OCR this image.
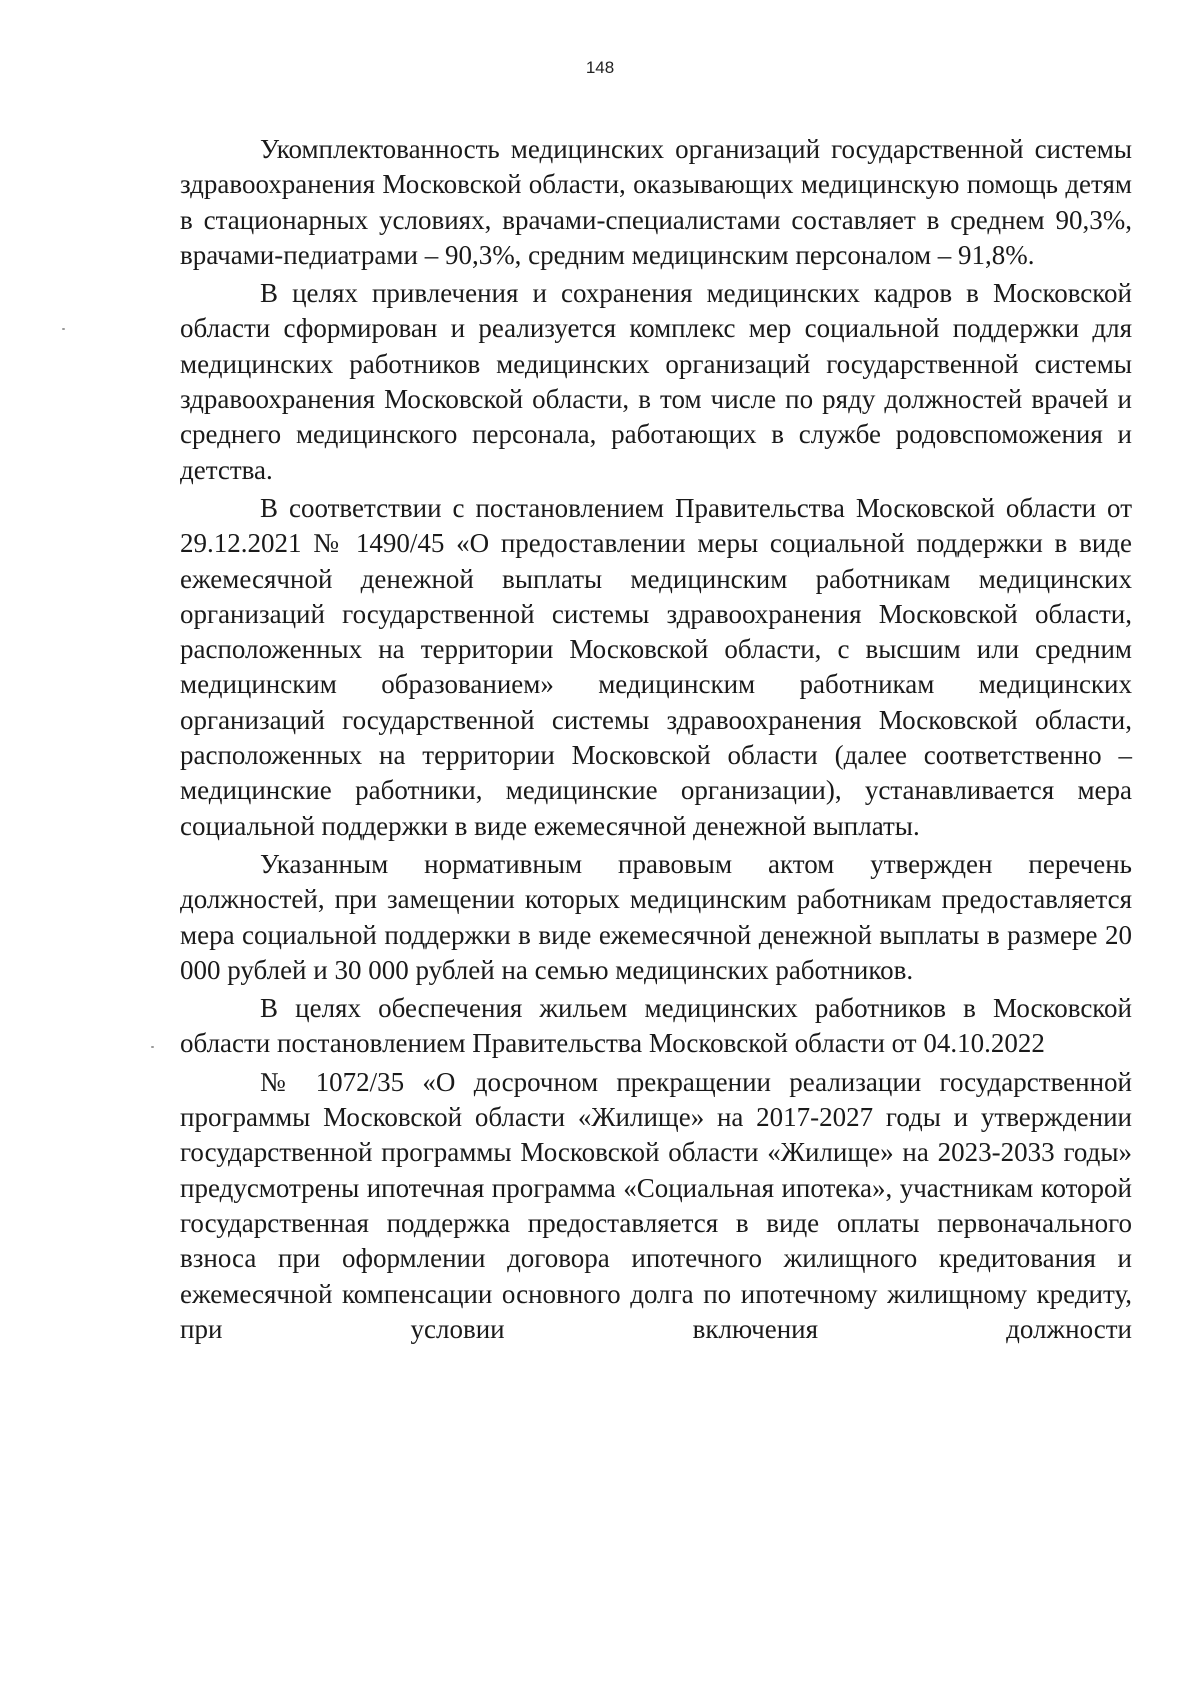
148

Укомплектованность медицинских организаций государственной системы здравоохранения Московской области, оказывающих медицинскую помощь детям в стационарных условиях, врачами-специалистами составляет в среднем 90,3%, врачами-педиатрами – 90,3%, средним медицинским персоналом – 91,8%.

В целях привлечения и сохранения медицинских кадров в Московской области сформирован и реализуется комплекс мер социальной поддержки для медицинских работников медицинских организаций государственной системы здравоохранения Московской области, в том числе по ряду должностей врачей и среднего медицинского персонала, работающих в службе родовспоможения и детства.

В соответствии с постановлением Правительства Московской области от 29.12.2021 № 1490/45 «О предоставлении меры социальной поддержки в виде ежемесячной денежной выплаты медицинским работникам медицинских организаций государственной системы здравоохранения Московской области, расположенных на территории Московской области, с высшим или средним медицинским образованием» медицинским работникам медицинских организаций государственной системы здравоохранения Московской области, расположенных на территории Московской области (далее соответственно – медицинские работники, медицинские организации), устанавливается мера социальной поддержки в виде ежемесячной денежной выплаты.

Указанным нормативным правовым актом утвержден перечень должностей, при замещении которых медицинским работникам предоставляется мера социальной поддержки в виде ежемесячной денежной выплаты в размере 20 000 рублей и 30 000 рублей на семью медицинских работников.

В целях обеспечения жильем медицинских работников в Московской области постановлением Правительства Московской области от 04.10.2022

№ 1072/35 «О досрочном прекращении реализации государственной программы Московской области «Жилище» на 2017-2027 годы и утверждении государственной программы Московской области «Жилище» на 2023-2033 годы» предусмотрены ипотечная программа «Социальная ипотека», участникам которой государственная поддержка предоставляется в виде оплаты первоначального взноса при оформлении договора ипотечного жилищного кредитования и ежемесячной компенсации основного долга по ипотечному жилищному кредиту, при условии включения должности
